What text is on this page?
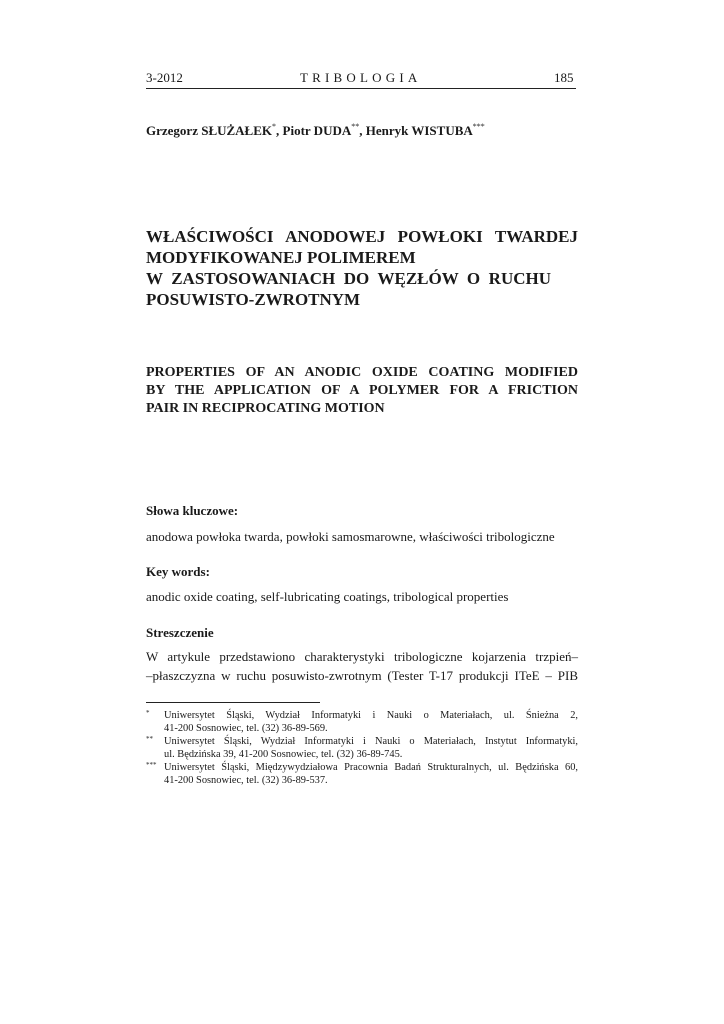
3-2012	TRIBOLOGIA	185
Grzegorz SŁUŻAŁEK*, Piotr DUDA**, Henryk WISTUBA***
WŁAŚCIWOŚCI ANODOWEJ POWŁOKI TWARDEJ
MODYFIKOWANEJ POLIMEREM
W ZASTOSOWANIACH DO WĘZŁÓW O RUCHU
POSUWISTO-ZWROTNYM
PROPERTIES OF AN ANODIC OXIDE COATING MODIFIED
BY THE APPLICATION OF A POLYMER FOR A FRICTION
PAIR IN RECIPROCATING MOTION
Słowa kluczowe:
anodowa powłoka twarda, powłoki samosmarowne, właściwości tribologiczne
Key words:
anodic oxide coating, self-lubricating coatings, tribological properties
Streszczenie
W artykule przedstawiono charakterystyki tribologiczne kojarzenia trzpień–
–płaszczyzna w ruchu posuwisto-zwrotnym (Tester T-17 produkcji ITeE – PIB
* Uniwersytet Śląski, Wydział Informatyki i Nauki o Materiałach, ul. Śnieżna 2,
41-200 Sosnowiec, tel. (32) 36-89-569.
** Uniwersytet Śląski, Wydział Informatyki i Nauki o Materiałach, Instytut Informatyki,
ul. Będzińska 39, 41-200 Sosnowiec, tel. (32) 36-89-745.
*** Uniwersytet Śląski, Międzywydziałowa Pracownia Badań Strukturalnych, ul. Będzińska 60,
41-200 Sosnowiec, tel. (32) 36-89-537.
